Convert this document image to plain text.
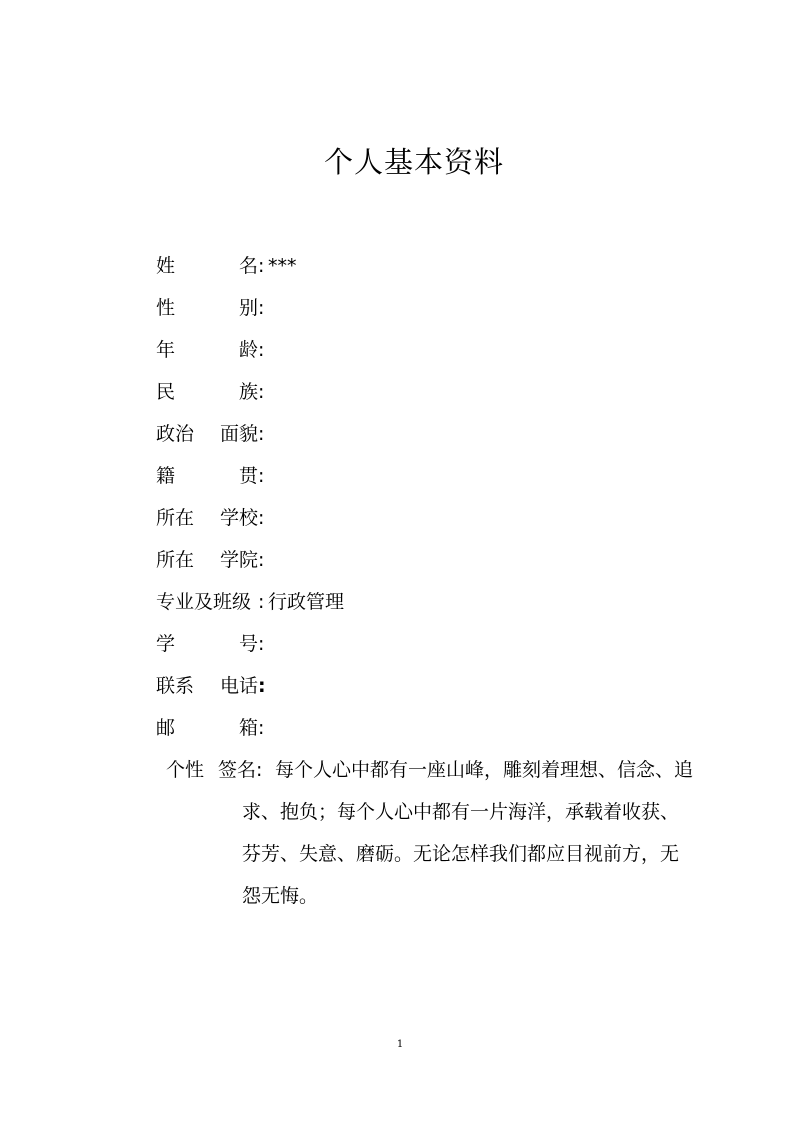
个人基本资料
姓	名 : ***
性	别 :
年	龄 :
民	族 :
政治 面貌 :
籍	贯 :
所在 学校 :
所在 学院 :
专业及班级 : 行政管理
学	号 :
联系 电话 :
邮	箱 :
个性 签名 : 每个人心中都有一座山峰，雕刻着理想、信念、追
求、抱负；每个人心中都有一片海洋，承载着收获、
芬芳、失意、磨砺。无论怎样我们都应目视前方，无
怨无悔。
1
